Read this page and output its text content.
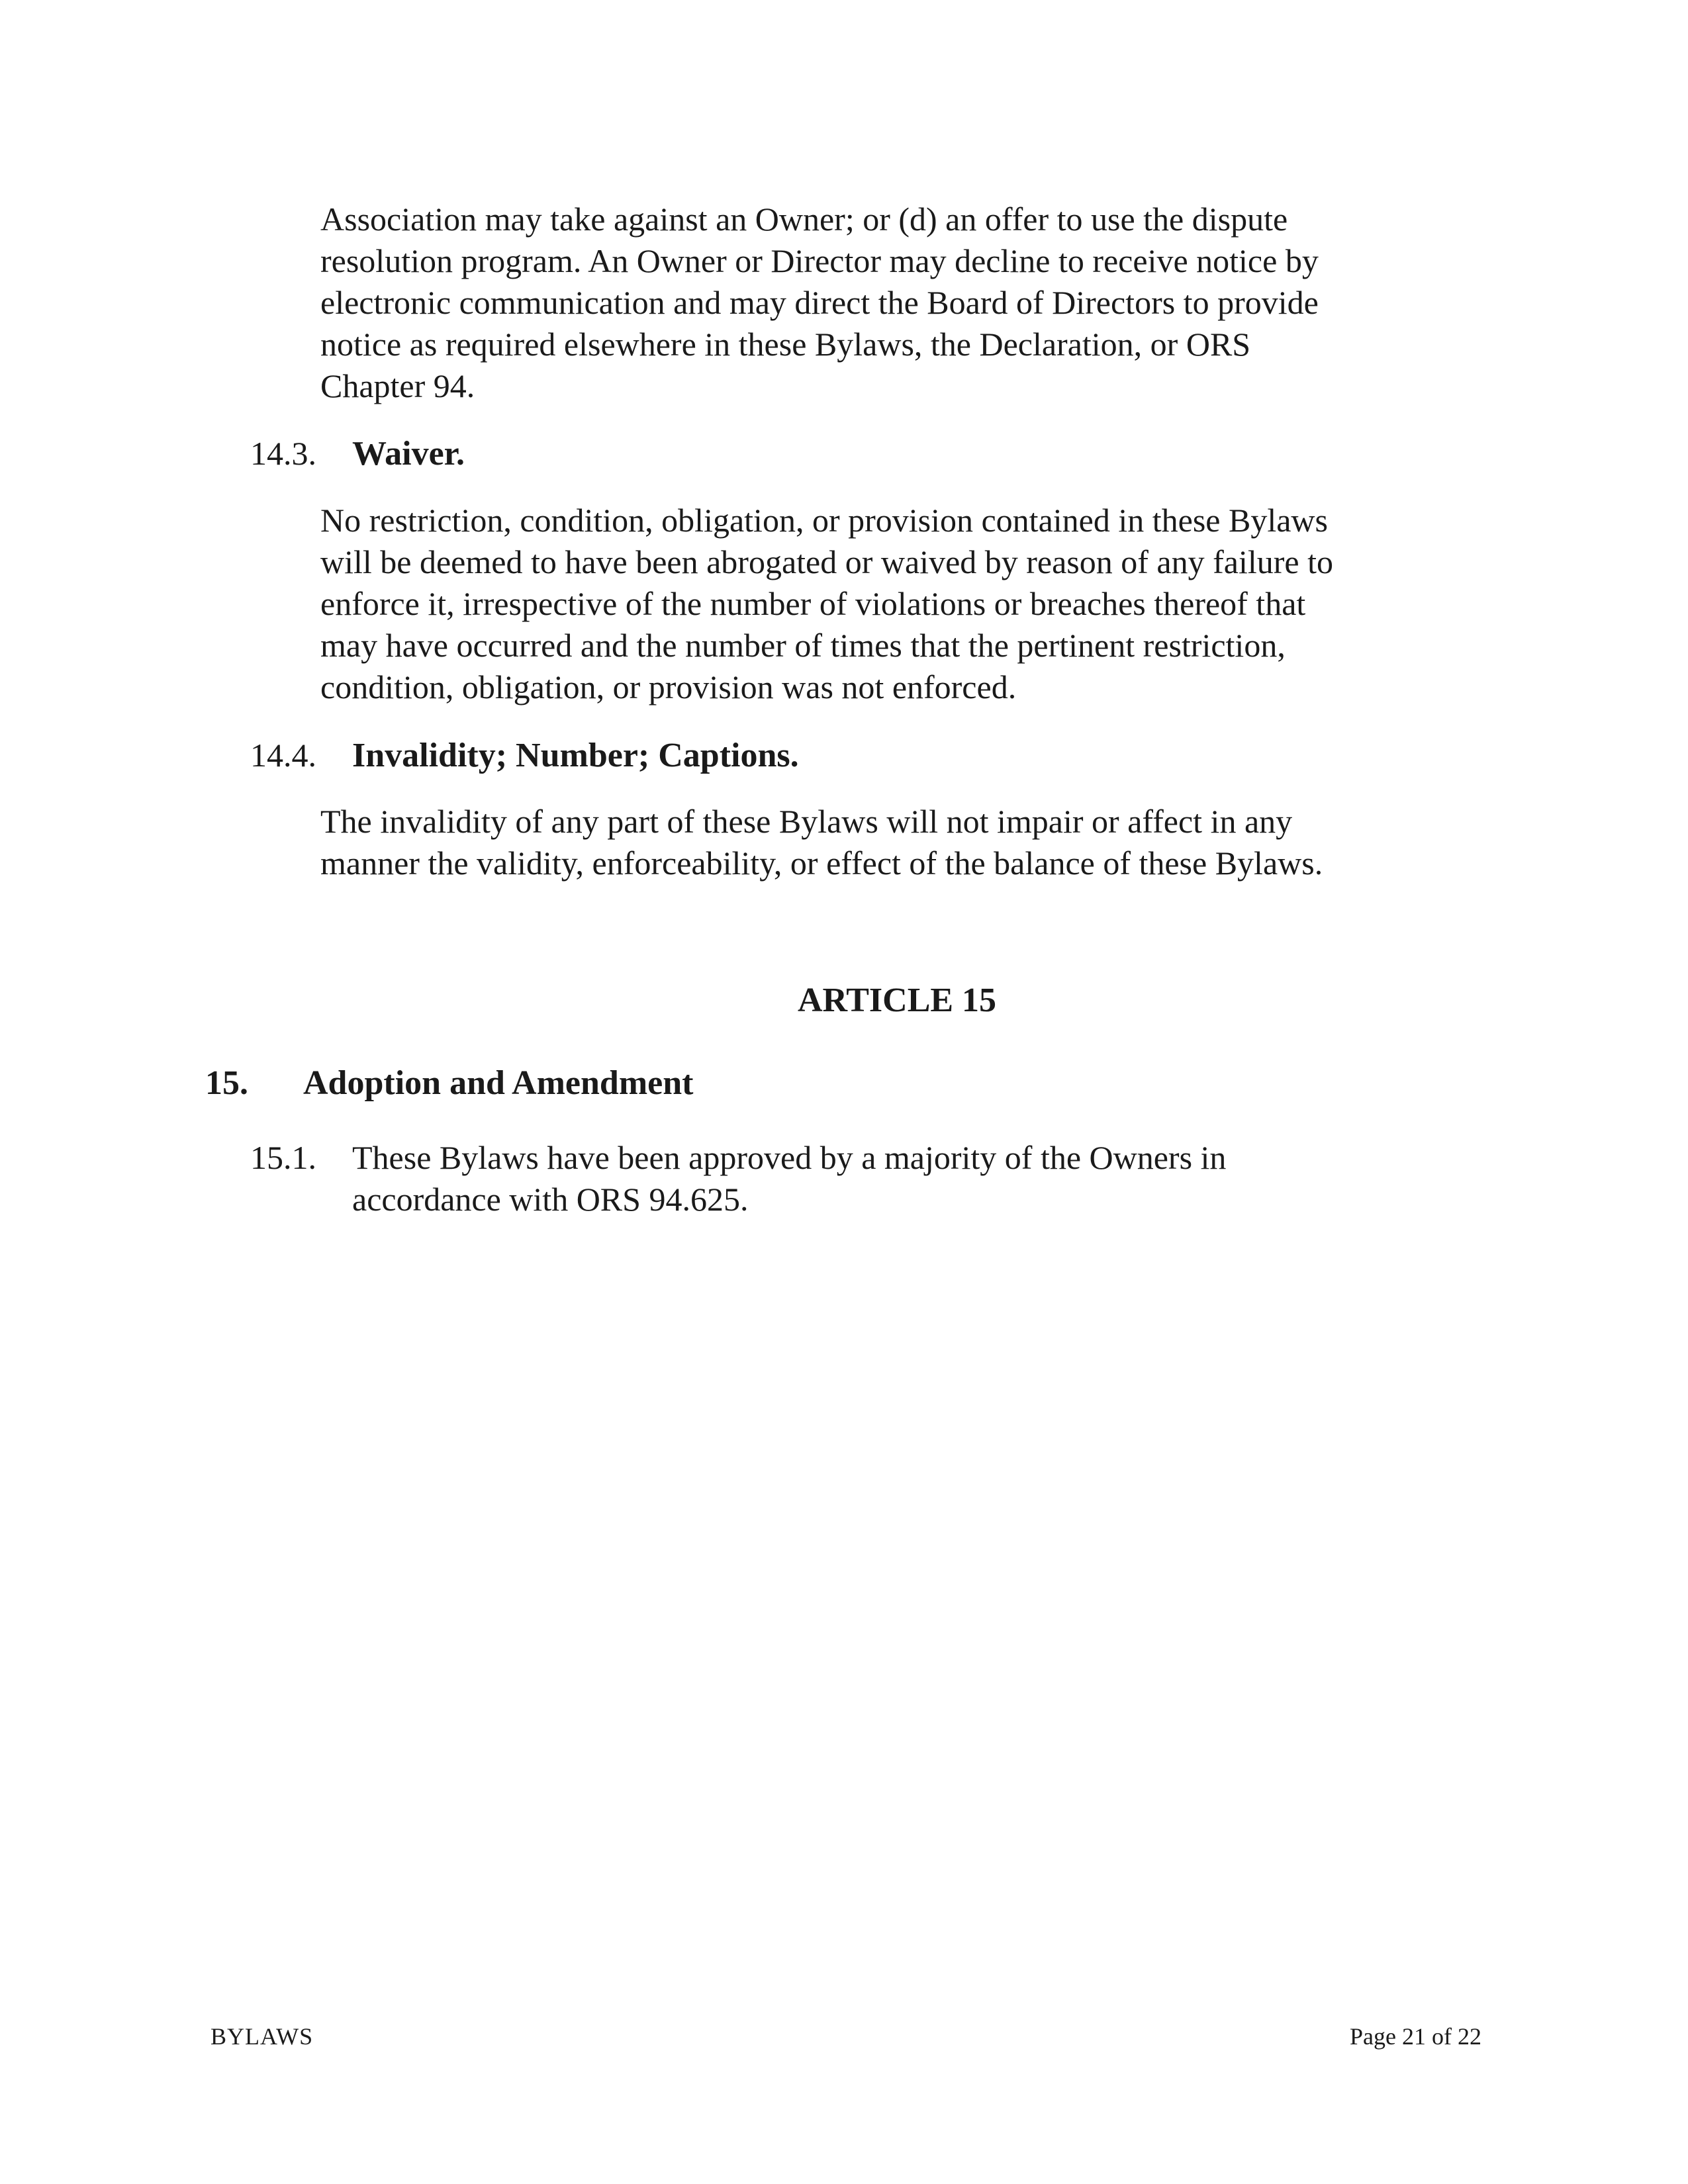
Association may take against an Owner; or (d) an offer to use the dispute
resolution program. An Owner or Director may decline to receive notice by
electronic communication and may direct the Board of Directors to provide
notice as required elsewhere in these Bylaws, the Declaration, or ORS
Chapter 94.
14.3. Waiver.
No restriction, condition, obligation, or provision contained in these Bylaws
will be deemed to have been abrogated or waived by reason of any failure to
enforce it, irrespective of the number of violations or breaches thereof that
may have occurred and the number of times that the pertinent restriction,
condition, obligation, or provision was not enforced.
14.4. Invalidity; Number; Captions.
The invalidity of any part of these Bylaws will not impair or affect in any
manner the validity, enforceability, or effect of the balance of these Bylaws.
ARTICLE 15
15. Adoption and Amendment
15.1. These Bylaws have been approved by a majority of the Owners in
accordance with ORS 94.625.
BYLAWS	Page 21 of 22
